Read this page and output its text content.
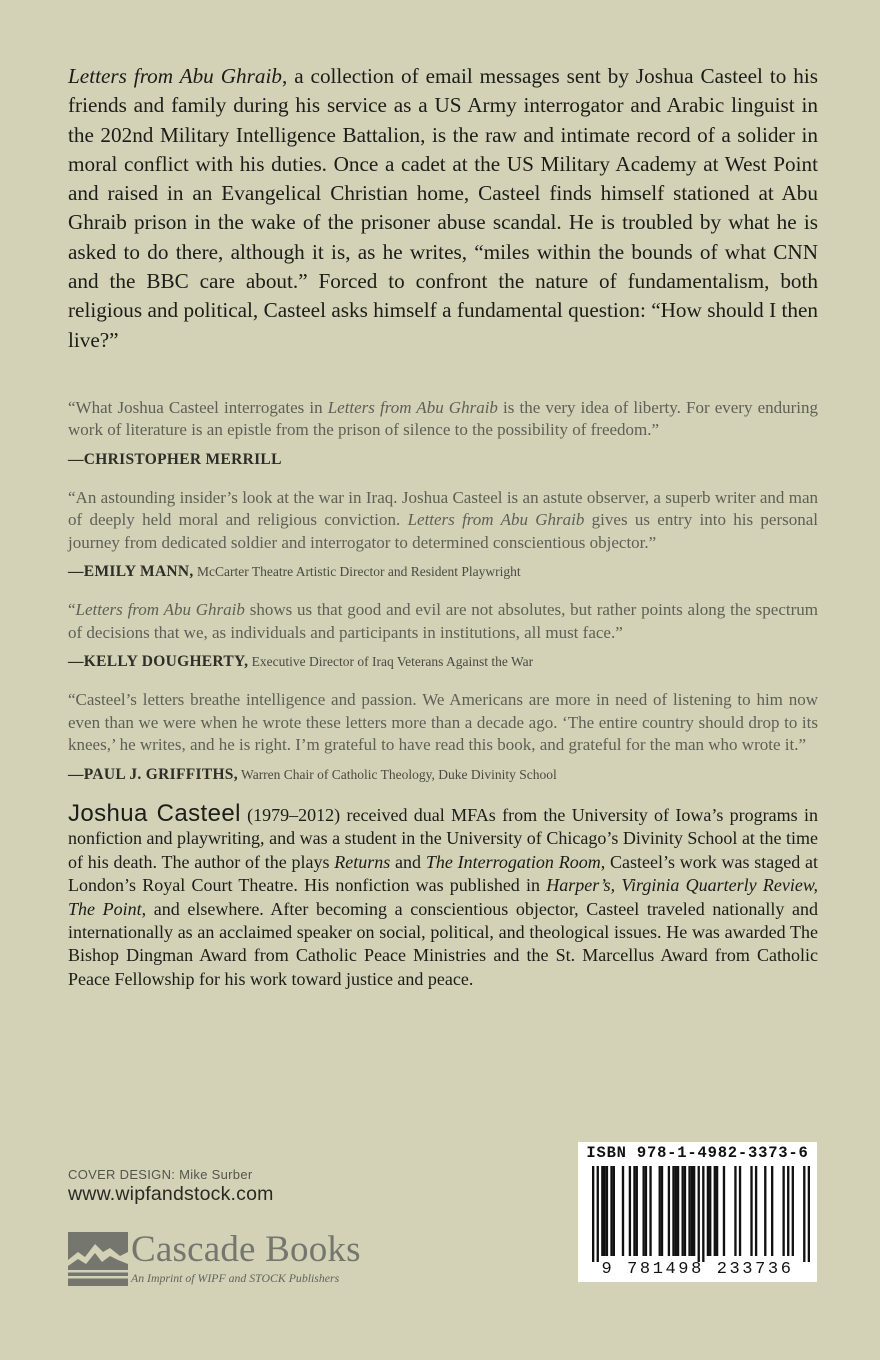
Letters from Abu Ghraib, a collection of email messages sent by Joshua Casteel to his friends and family during his service as a US Army interrogator and Arabic linguist in the 202nd Military Intelligence Battalion, is the raw and intimate record of a solider in moral conflict with his duties. Once a cadet at the US Military Academy at West Point and raised in an Evangelical Christian home, Casteel finds himself stationed at Abu Ghraib prison in the wake of the prisoner abuse scandal. He is troubled by what he is asked to do there, although it is, as he writes, “miles within the bounds of what CNN and the BBC care about.” Forced to confront the nature of fundamentalism, both religious and political, Casteel asks himself a fundamental question: “How should I then live?”

“What Joshua Casteel interrogates in Letters from Abu Ghraib is the very idea of liberty. For every enduring work of literature is an epistle from the prison of silence to the possibility of freedom.”

—CHRISTOPHER MERRILL

“An astounding insider’s look at the war in Iraq. Joshua Casteel is an astute observer, a superb writer and man of deeply held moral and religious conviction. Letters from Abu Ghraib gives us entry into his personal journey from dedicated soldier and interrogator to determined conscientious objector.”

—EMILY MANN, McCarter Theatre Artistic Director and Resident Playwright

“Letters from Abu Ghraib shows us that good and evil are not absolutes, but rather points along the spectrum of decisions that we, as individuals and participants in institutions, all must face.”

—KELLY DOUGHERTY, Executive Director of Iraq Veterans Against the War

“Casteel’s letters breathe intelligence and passion. We Americans are more in need of listening to him now even than we were when he wrote these letters more than a decade ago. ‘The entire country should drop to its knees,’ he writes, and he is right. I’m grateful to have read this book, and grateful for the man who wrote it.”

—PAUL J. GRIFFITHS, Warren Chair of Catholic Theology, Duke Divinity School

Joshua Casteel (1979–2012) received dual MFAs from the University of Iowa’s programs in nonfiction and playwriting, and was a student in the University of Chicago’s Divinity School at the time of his death. The author of the plays Returns and The Interrogation Room, Casteel’s work was staged at London’s Royal Court Theatre. His nonfiction was published in Harper’s, Virginia Quarterly Review, The Point, and elsewhere. After becoming a conscientious objector, Casteel traveled nationally and internationally as an acclaimed speaker on social, political, and theological issues. He was awarded The Bishop Dingman Award from Catholic Peace Ministries and the St. Marcellus Award from Catholic Peace Fellowship for his work toward justice and peace.

COVER DESIGN: Mike Surber
www.wipfandstock.com
Cascade Books
An Imprint of WIPF and STOCK Publishers
ISBN 978-1-4982-3373-6
9 781498 233736
